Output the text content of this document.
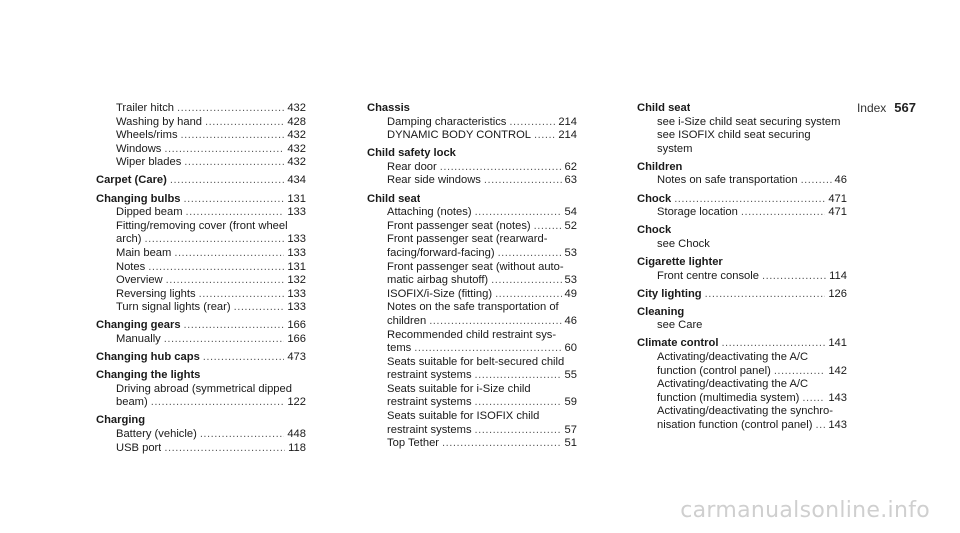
Index 567
Trailer hitch .....	432
Washing by hand .....	428
Wheels/rims .....	432
Windows .....	432
Wiper blades .....	432
Carpet (Care) .....	434
Changing bulbs .....	131
Dipped beam .....	133
Fitting/removing cover (front wheel
arch) .....	133
Main beam .....	133
Notes .....	131
Overview .....	132
Reversing lights .....	133
Turn signal lights (rear) .....	133
Changing gears .....	166
Manually .....	166
Changing hub caps .....	473
Changing the lights
Driving abroad (symmetrical dipped
beam) .....	122
Charging
Battery (vehicle) .....	448
USB port .....	118
Chassis
Damping characteristics .....	214
DYNAMIC BODY CONTROL ..... 214
Child safety lock
Rear door .....	62
Rear side windows .....	63
Child seat
Attaching (notes) .....	54
Front passenger seat (notes) .....	52
Front passenger seat (rearward-
facing/forward-facing) .....	53
Front passenger seat (without auto-
matic airbag shutoff) .....	53
ISOFIX/i-Size (fitting) .....	49
Notes on the safe transportation of
children .....	46
Recommended child restraint sys-
tems .....	60
Seats suitable for belt-secured child
restraint systems .....	55
Seats suitable for i-Size child
restraint systems .....	59
Seats suitable for ISOFIX child
restraint systems .....	57
Top Tether .....	51
Child seat
see i-Size child seat securing system
see ISOFIX child seat securing system
Children
Notes on safe transportation .....	46
Chock .....	471
Storage location .....	471
Chock
see Chock
Cigarette lighter
Front centre console .....	114
City lighting .....	126
Cleaning
see Care
Climate control .....	141
Activating/deactivating the A/C
function (control panel) .....	142
Activating/deactivating the A/C
function (multimedia system) .....	143
Activating/deactivating the synchro-
nisation function (control panel) ..... 143
carmanualsonline.info
